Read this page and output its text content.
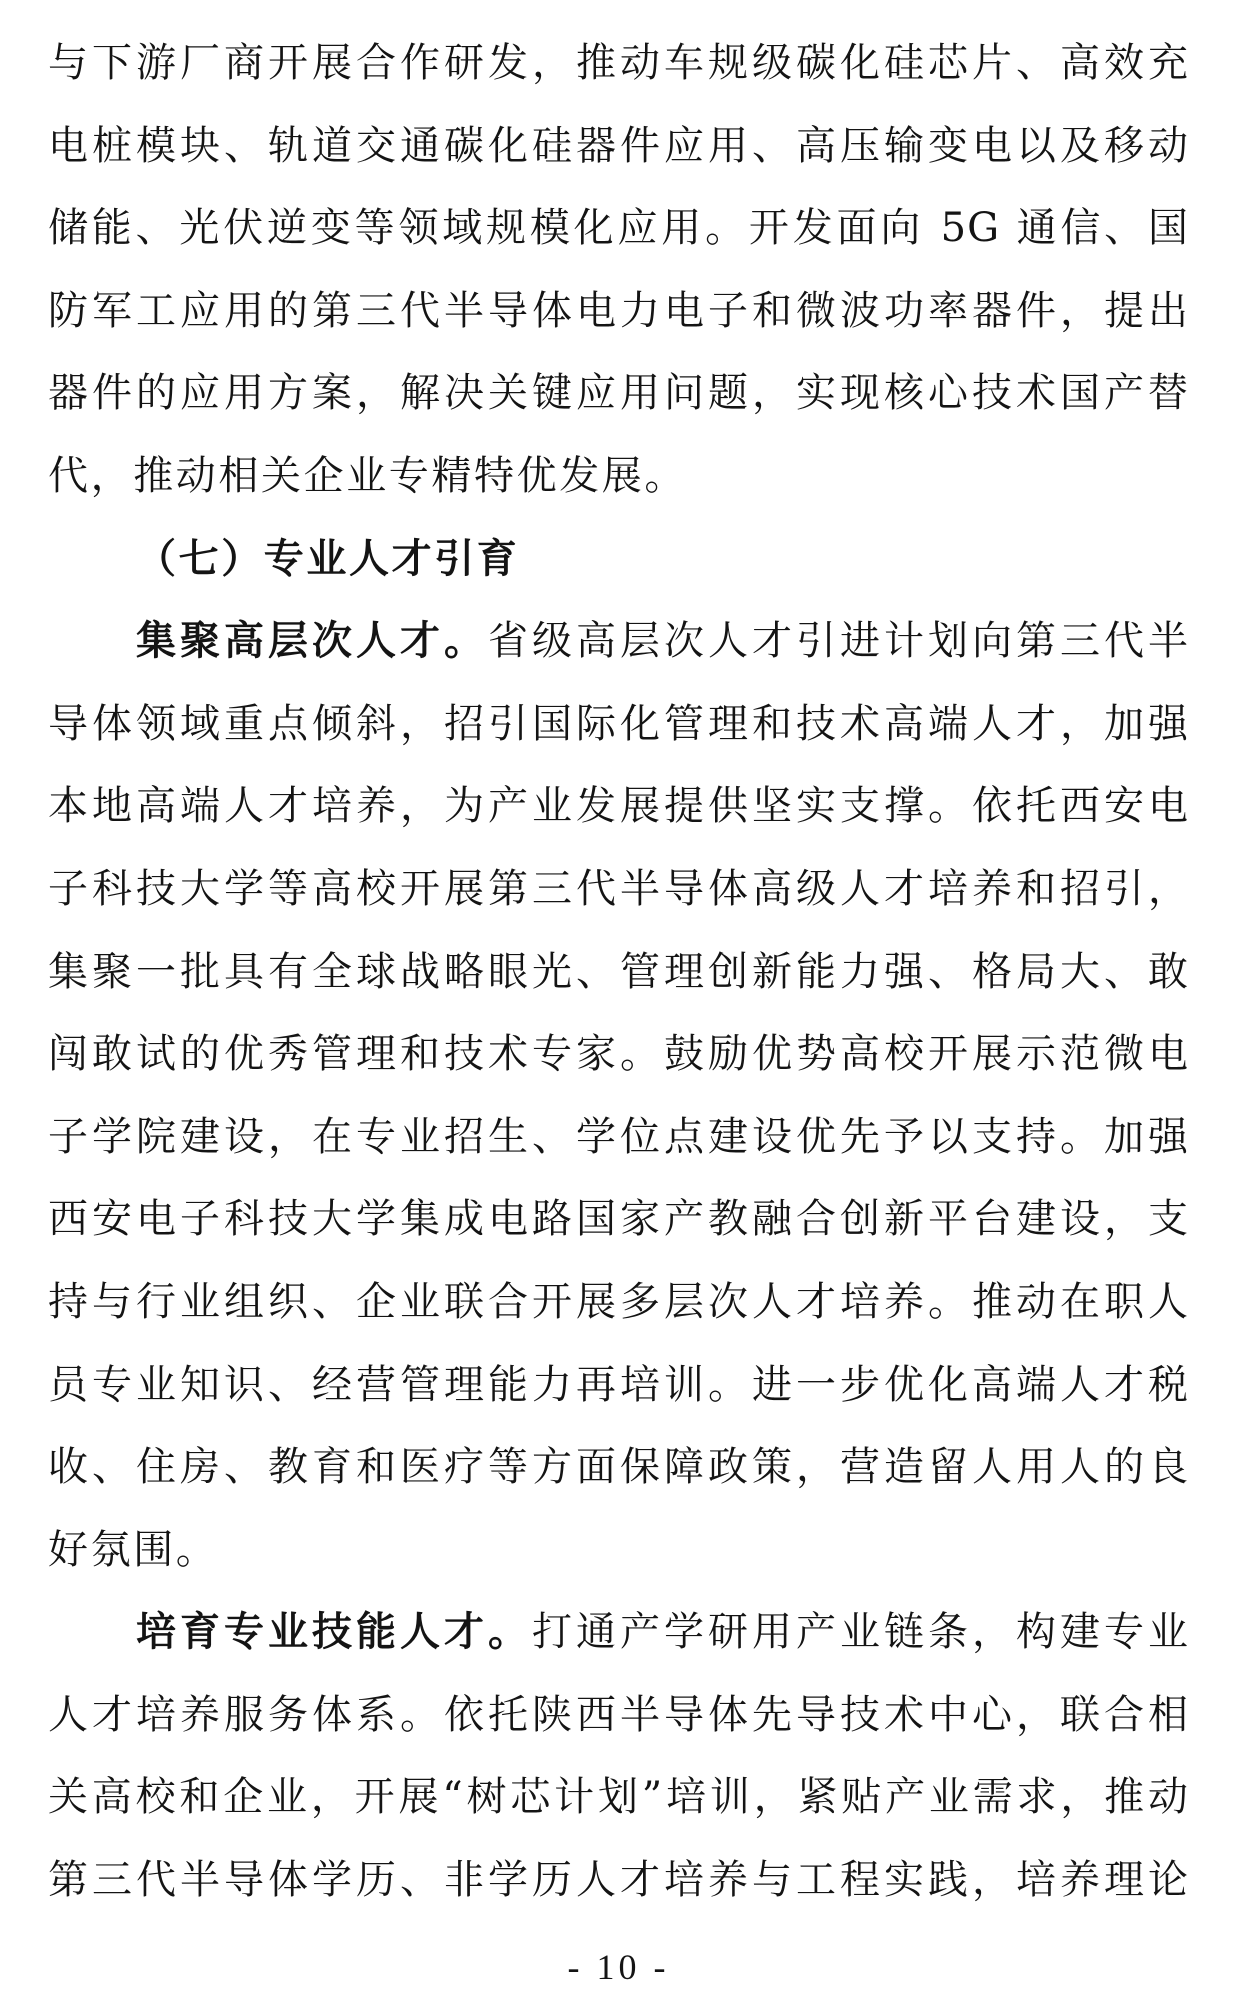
与下游厂商开展合作研发，推动车规级碳化硅芯片、高效充
电桩模块、轨道交通碳化硅器件应用、高压输变电以及移动
储能、光伏逆变等领域规模化应用。开发面向 5G 通信、国
防军工应用的第三代半导体电力电子和微波功率器件，提出
器件的应用方案，解决关键应用问题，实现核心技术国产替
代，推动相关企业专精特优发展。
（七）专业人才引育
集聚高层次人才。省级高层次人才引进计划向第三代半
导体领域重点倾斜，招引国际化管理和技术高端人才，加强
本地高端人才培养，为产业发展提供坚实支撑。依托西安电
子科技大学等高校开展第三代半导体高级人才培养和招引，
集聚一批具有全球战略眼光、管理创新能力强、格局大、敢
闯敢试的优秀管理和技术专家。鼓励优势高校开展示范微电
子学院建设，在专业招生、学位点建设优先予以支持。加强
西安电子科技大学集成电路国家产教融合创新平台建设，支
持与行业组织、企业联合开展多层次人才培养。推动在职人
员专业知识、经营管理能力再培训。进一步优化高端人才税
收、住房、教育和医疗等方面保障政策，营造留人用人的良
好氛围。
培育专业技能人才。打通产学研用产业链条，构建专业
人才培养服务体系。依托陕西半导体先导技术中心，联合相
关高校和企业，开展“树芯计划”培训，紧贴产业需求，推动
第三代半导体学历、非学历人才培养与工程实践，培养理论
- 10 -
